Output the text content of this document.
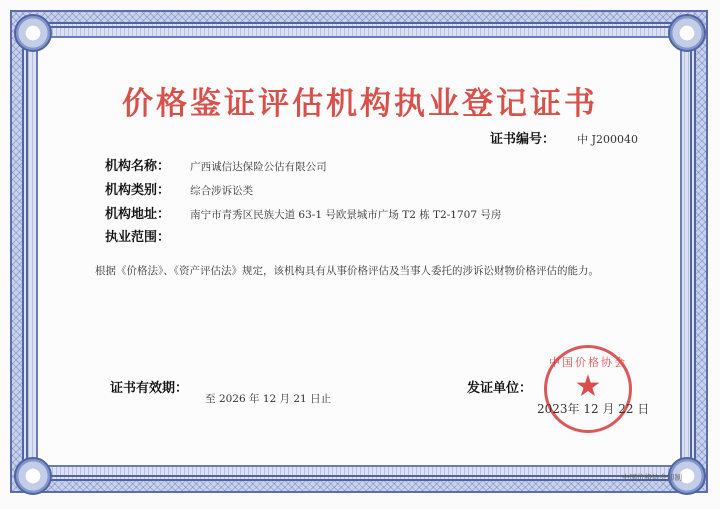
价格鉴证评估机构执业登记证书
证书编号： 中 J200040
机构名称： 广西诚信达保险公估有限公司
机构类别： 综合涉诉讼类
机构地址： 南宁市青秀区民族大道 63-1 号欧景城市广场 T2 栋 T2-1707 号房
执业范围：
根据《价格法》、《资产评估法》规定，该机构具有从事价格评估及当事人委托的涉诉讼财物价格评估的能力。
证书有效期： $_{至 2026 年 12 月 21 日止}$
发证单位：
中国价格协会
★
2023年 12 月 22 日
中国价格协会印制
